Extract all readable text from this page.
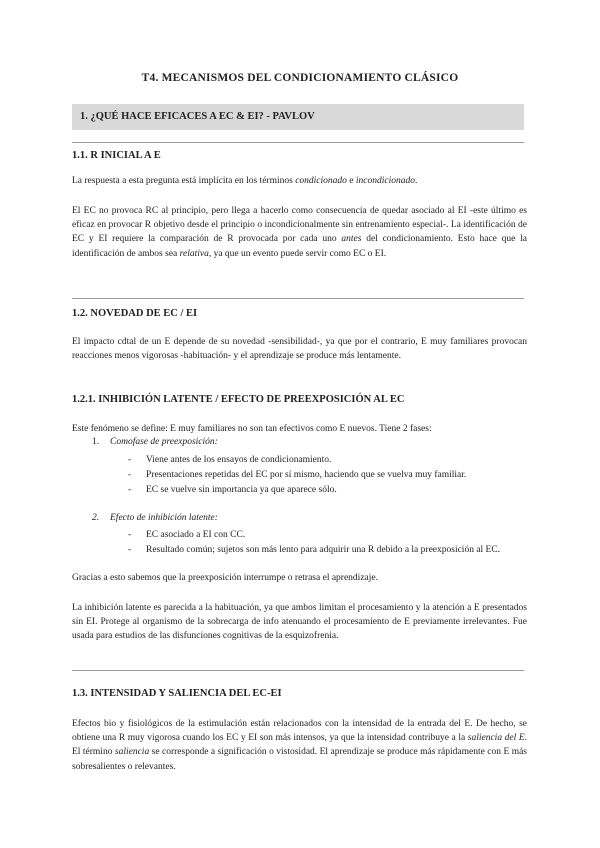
T4. MECANISMOS DEL CONDICIONAMIENTO CLÁSICO
1. ¿QUÉ HACE EFICACES A EC & EI? - PAVLOV
1.1. R INICIAL A E

La respuesta a esta pregunta está implícita en los términos condicionado e incondicionado.

El EC no provoca RC al principio, pero llega a hacerlo como consecuencia de quedar asociado al EI -este último es eficaz en provocar R objetivo desde el principio o incondicionalmente sin entrenamiento especial-. La identificación de EC y EI requiere la comparación de R provocada por cada uno antes del condicionamiento. Esto hace que la identificación de ambos sea relativa, ya que un evento puede servir como EC o EI.

1.2. NOVEDAD DE EC / EI

El impacto cdtal de un E depende de su novedad -sensibilidad-, ya que por el contrario, E muy familiares provocan reacciones menos vigorosas -habituación- y el aprendizaje se produce más lentamente.

1.2.1. INHIBICIÓN LATENTE / EFECTO DE PREEXPOSICIÓN AL EC

Este fenómeno se define: E muy familiares no son tan efectivos como E nuevos. Tiene 2 fases:

1. Comofase de preexposición:
- Viene antes de los ensayos de condicionamiento.
- Presentaciones repetidas del EC por sí mismo, haciendo que se vuelva muy familiar.
- EC se vuelve sin importancia ya que aparece sólo.
2. Efecto de inhibición latente:
- EC asociado a EI con CC.
- Resultado común; sujetos son más lento para adquirir una R debido a la preexposición al EC.

Gracias a esto sabemos que la preexposición interrumpe o retrasa el aprendizaje.

La inhibición latente es parecida a la habituación, ya que ambos limitan el procesamiento y la atención a E presentados sin EI. Protege al organismo de la sobrecarga de info atenuando el procesamiento de E previamente irrelevantes. Fue usada para estudios de las disfunciones cognitivas de la esquizofrenia.

1.3. INTENSIDAD Y SALIENCIA DEL EC-EI

Efectos bio y fisiológicos de la estimulación están relacionados con la intensidad de la entrada del E. De hecho, se obtiene una R muy vigorosa cuando los EC y EI son más intensos, ya que la intensidad contribuye a la saliencia del E. El término saliencia se corresponde a significación o vistosidad. El aprendizaje se produce más rápidamente con E más sobresalientes o relevantes.
